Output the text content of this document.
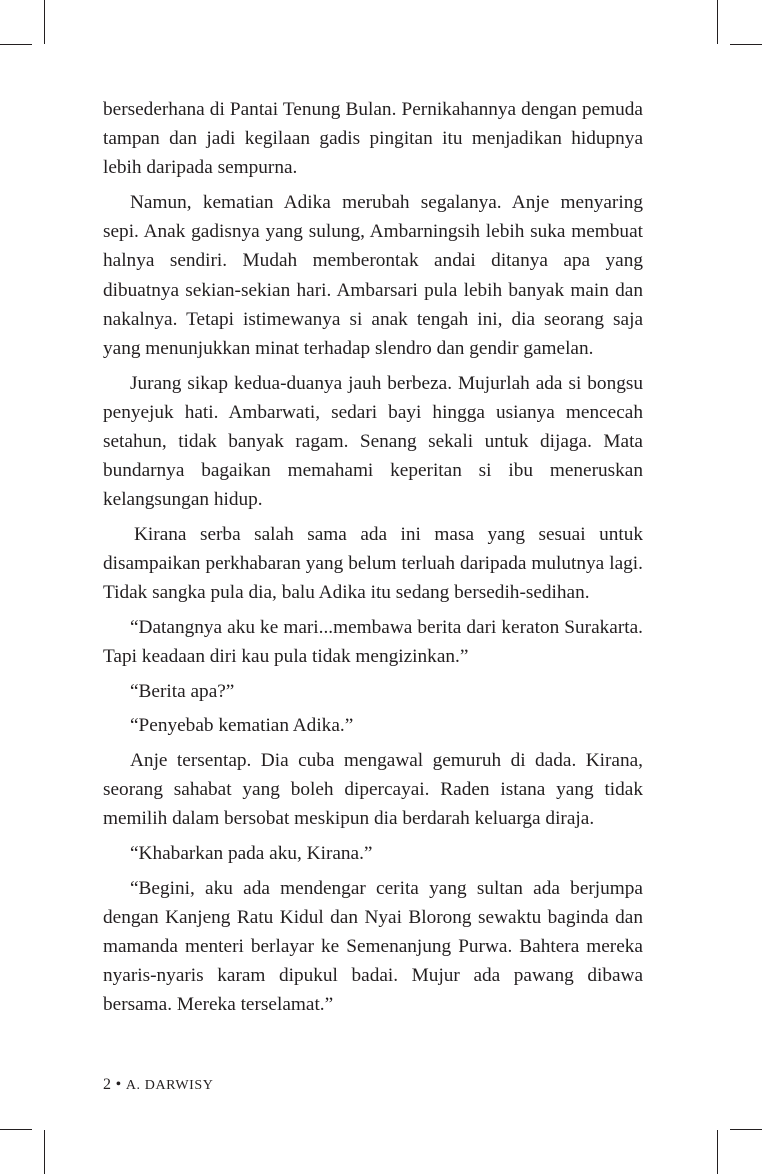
bersederhana di Pantai Tenung Bulan. Pernikahannya dengan pemuda tampan dan jadi kegilaan gadis pingitan itu menjadikan hidupnya lebih daripada sempurna.

Namun, kematian Adika merubah segalanya. Anje menyaring sepi. Anak gadisnya yang sulung, Ambarningsih lebih suka membuat halnya sendiri. Mudah memberontak andai ditanya apa yang dibuatnya sekian-sekian hari. Ambarsari pula lebih banyak main dan nakalnya. Tetapi istimewanya si anak tengah ini, dia seorang saja yang menunjukkan minat terhadap slendro dan gendir gamelan.

Jurang sikap kedua-duanya jauh berbeza. Mujurlah ada si bongsu penyejuk hati. Ambarwati, sedari bayi hingga usianya mencecah setahun, tidak banyak ragam. Senang sekali untuk dijaga. Mata bundarnya bagaikan memahami keperitan si ibu meneruskan kelangsungan hidup.

Kirana serba salah sama ada ini masa yang sesuai untuk disampaikan perkhabaran yang belum terluah daripada mulutnya lagi. Tidak sangka pula dia, balu Adika itu sedang bersedih-sedihan.

“Datangnya aku ke mari...membawa berita dari keraton Surakarta. Tapi keadaan diri kau pula tidak mengizinkan.”

“Berita apa?”

“Penyebab kematian Adika.”

Anje tersentap. Dia cuba mengawal gemuruh di dada. Kirana, seorang sahabat yang boleh dipercayai. Raden istana yang tidak memilih dalam bersobat meskipun dia berdarah keluarga diraja.

“Khabarkan pada aku, Kirana.”

“Begini, aku ada mendengar cerita yang sultan ada berjumpa dengan Kanjeng Ratu Kidul dan Nyai Blorong sewaktu baginda dan mamanda menteri berlayar ke Semenanjung Purwa. Bahtera mereka nyaris-nyaris karam dipukul badai. Mujur ada pawang dibawa bersama. Mereka terselamat.”

2 • A. DARWISY
